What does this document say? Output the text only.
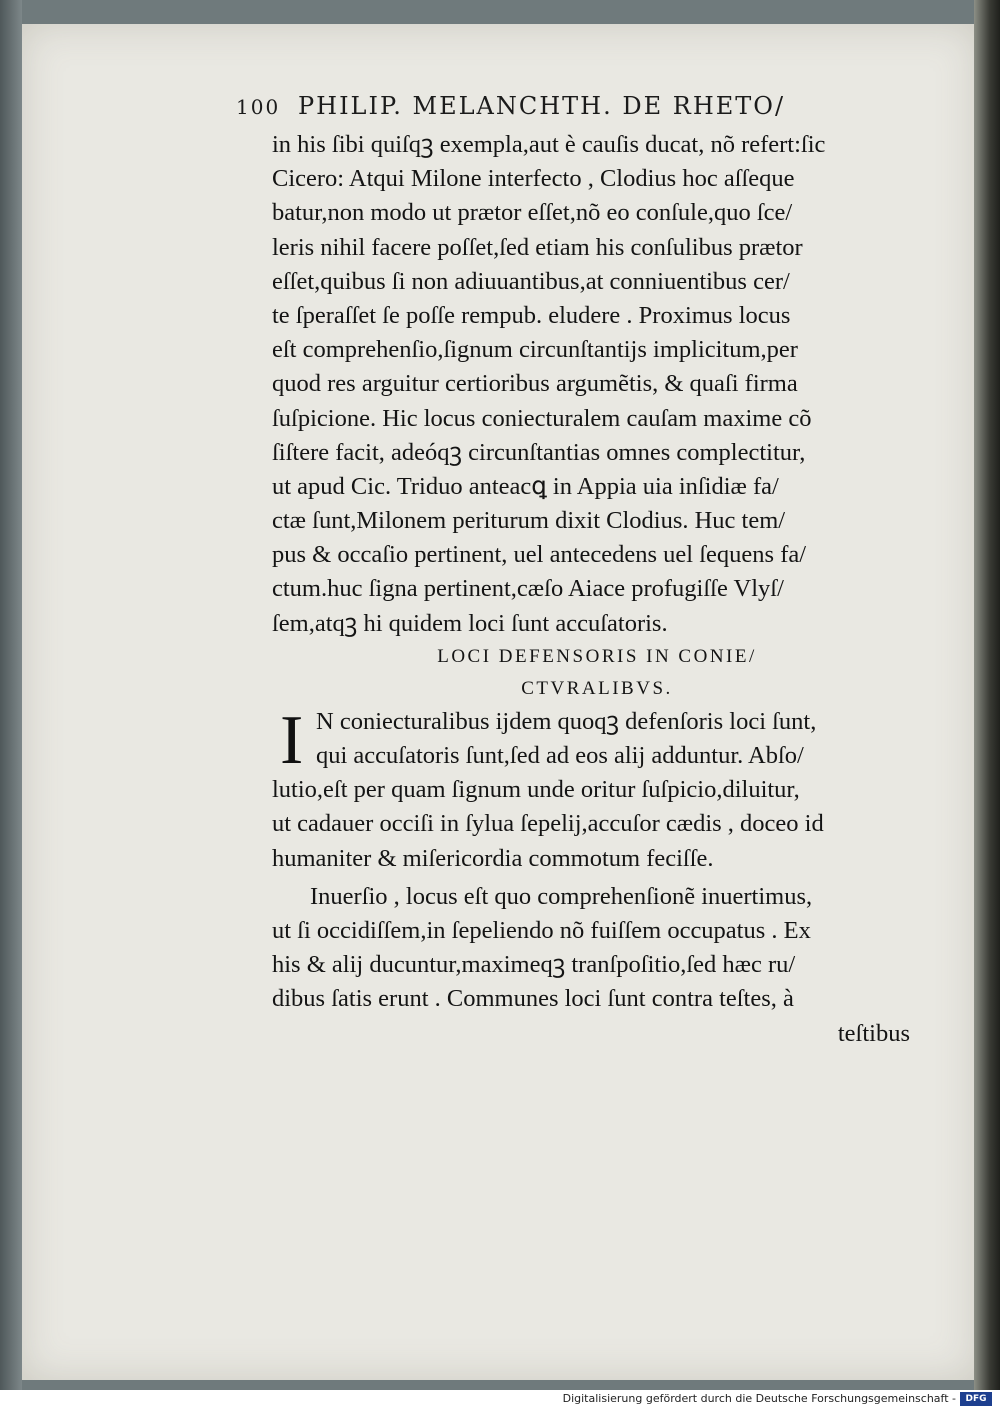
100 PHILIP. MELANCHTH. DE RHETO/
in his ſibi quiſqꝫ exempla,aut è cauſis ducat, nõ refert:ſic
Cicero: Atqui Milone interfecto , Clodius hoc aſſeque
batur,non modo ut prætor eſſet,nõ eo conſule,quo ſce/
leris nihil facere poſſet,ſed etiam his conſulibus prætor
eſſet,quibus ſi non adiuuantibus,at conniuentibus cer/
te ſperaſſet ſe poſſe rempub. eludere . Proximus locus
eſt comprehenſio,ſignum circunſtantijs implicitum,per
quod res arguitur certioribus argumẽtis, & quaſi firma
ſuſpicione. Hic locus coniecturalem cauſam maxime cõ
ſiſtere facit, adeóqꝫ circunſtantias omnes complectitur,
ut apud Cic. Triduo anteacꝗ in Appia uia inſidiæ fa/
ctæ ſunt,Milonem periturum dixit Clodius. Huc tem/
pus & occaſio pertinent, uel antecedens uel ſequens fa/
ctum.huc ſigna pertinent,cæſo Aiace profugiſſe Vlyſ/
ſem,atqꝫ hi quidem loci ſunt accuſatoris.
LOCI DEFENSORIS IN CONIE/
CTVRALIBVS.
I N coniecturalibus ijdem quoqꝫ defenſoris loci ſunt,
qui accuſatoris ſunt,ſed ad eos alij adduntur. Abſo/
lutio,eſt per quam ſignum unde oritur ſuſpicio,diluitur,
ut cadauer occiſi in ſylua ſepelij,accuſor cædis , doceo id
humaniter & miſericordia commotum feciſſe.
Inuerſio , locus eſt quo comprehenſionẽ inuertimus,
ut ſi occidiſſem,in ſepeliendo nõ fuiſſem occupatus . Ex
his & alij ducuntur,maximeqꝫ tranſpoſitio,ſed hæc ru/
dibus ſatis erunt . Communes loci ſunt contra teſtes, à
teſtibus
Digitalisierung gefördert durch die Deutsche Forschungsgemeinschaft -	DFG
